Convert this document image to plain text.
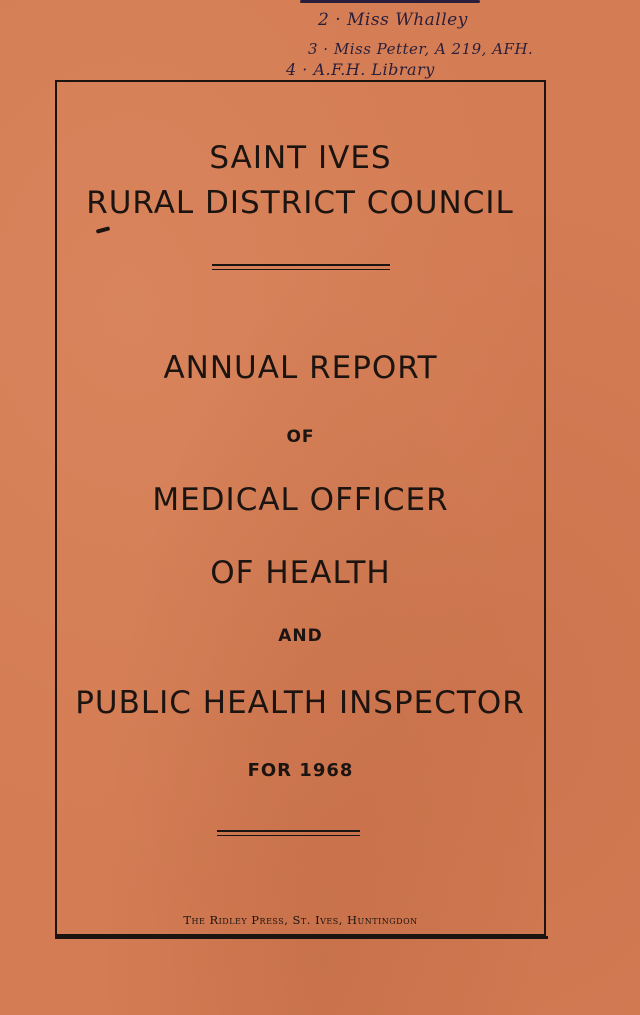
2 · Miss Whalley
3 · Miss Petter, A 219, AFH.
4 · A.F.H. Library
SAINT IVES
RURAL DISTRICT COUNCIL
ANNUAL REPORT
OF
MEDICAL OFFICER
OF HEALTH
AND
PUBLIC HEALTH INSPECTOR
FOR 1968
The Ridley Press, St. Ives, Huntingdon
